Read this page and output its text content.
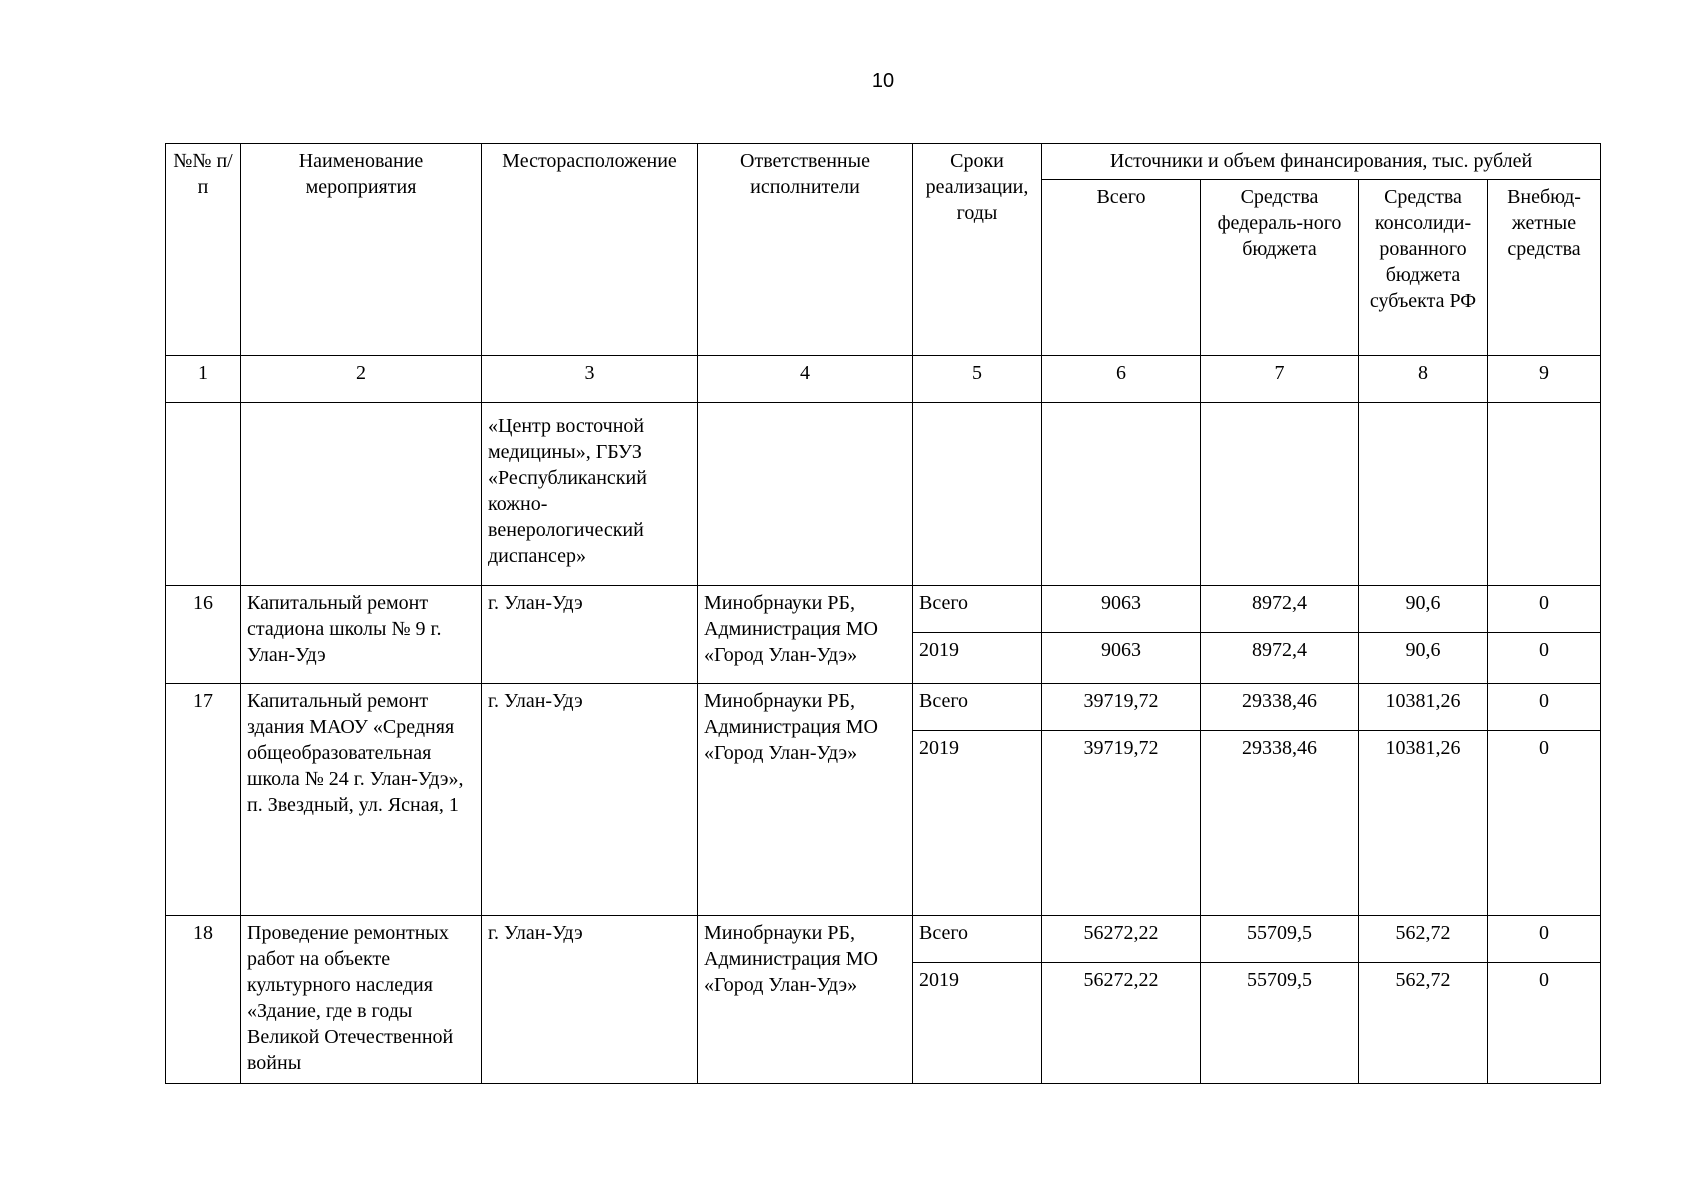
10
№№ п/п	Наименование мероприятия	Месторасположение	Ответственные исполнители	Сроки реализации, годы	Источники и объем финансирования, тыс. рублей			
					Всего	Средства федераль-ного бюджета	Средства консолиди-рованного бюджета субъекта РФ	Внебюд-жетные средства
1	2	3	4	5	6	7	8	9
		«Центр восточной медицины», ГБУЗ «Республиканский кожно-венерологический диспансер»						
16	Капитальный ремонт стадиона школы № 9 г. Улан-Удэ	г. Улан-Удэ	Минобрнауки РБ, Администрация МО «Город Улан-Удэ»	Всего	9063	8972,4	90,6	0
				2019	9063	8972,4	90,6	0
17	Капитальный ремонт здания МАОУ «Средняя общеобразовательная школа № 24 г. Улан-Удэ», п. Звездный, ул. Ясная, 1	г. Улан-Удэ	Минобрнауки РБ, Администрация МО «Город Улан-Удэ»	Всего	39719,72	29338,46	10381,26	0
				2019	39719,72	29338,46	10381,26	0
18	Проведение ремонтных работ на объекте культурного наследия «Здание, где в годы Великой Отечественной войны	г. Улан-Удэ	Минобрнауки РБ, Администрация МО «Город Улан-Удэ»	Всего	56272,22	55709,5	562,72	0
				2019	56272,22	55709,5	562,72	0
